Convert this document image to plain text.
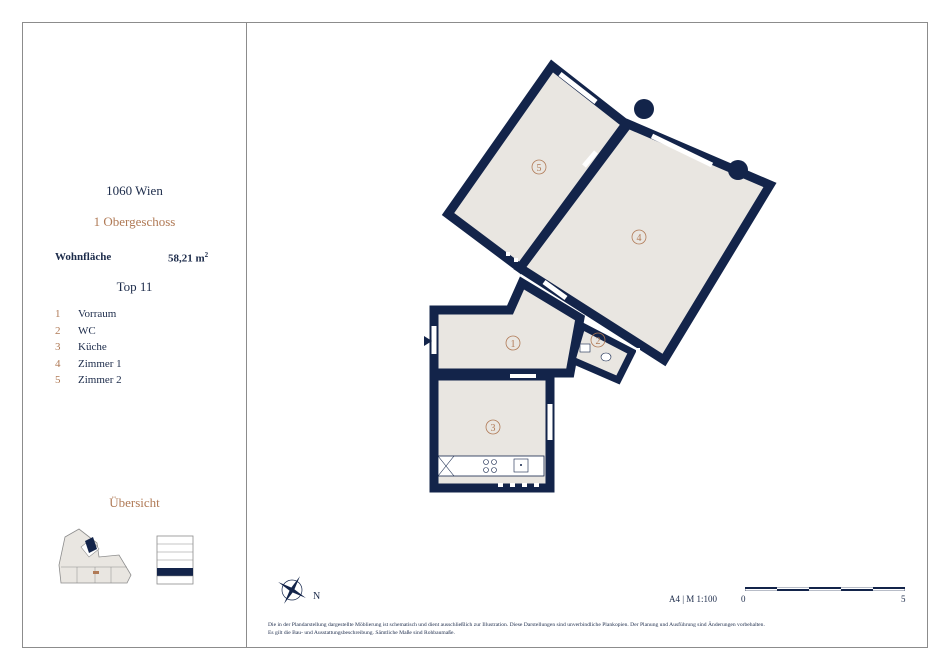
1060 Wien
1 Obergeschoss
Wohnfläche	58,21 $m^2$
Top 11
1	Vorraum
2	WC
3	Küche
4	Zimmer 1
5	Zimmer 2
Übersicht
1	2
3
4
5
N	A4 | M 1:100	0	5
Die in der Plandarstellung dargestellte Möblierung ist schematisch und dient ausschließlich zur Illustration. Diese Darstellungen sind unverbindliche Plankopien. Der Planung und Ausführung sind Änderungen vorbehalten.
Es gilt die Bau- und Ausstattungsbeschreibung. Sämtliche Maße sind Rohbaumaße.
